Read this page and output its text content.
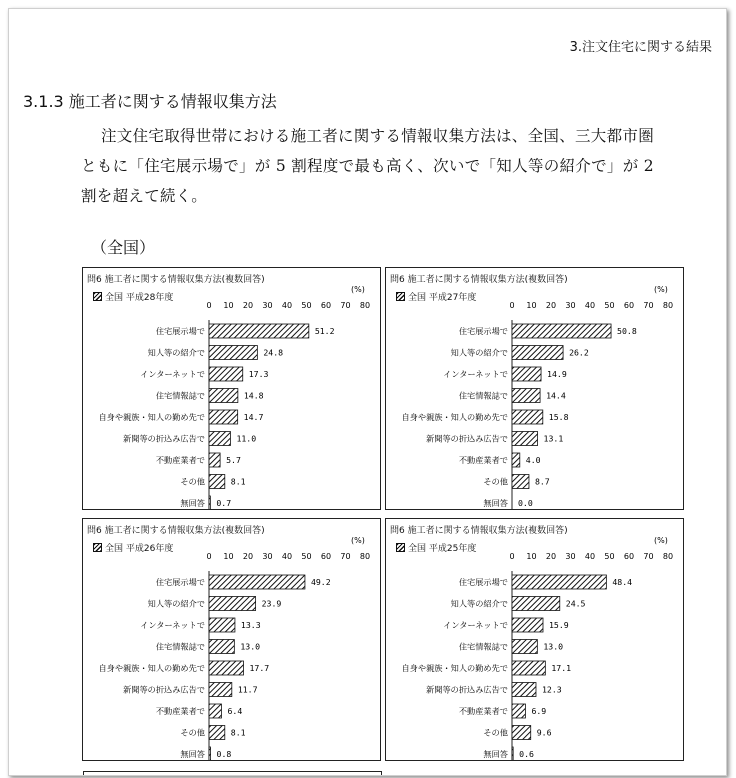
3.注文住宅に関する結果
3.1.3 施工者に関する情報収集方法
注文住宅取得世帯における施工者に関する情報収集方法は、全国、三大都市圏
ともに「住宅展示場で」が 5 割程度で最も高く、次いで「知人等の紹介で」が 2
割を超えて続く。
（全国）
問6 施工者に関する情報収集方法(複数回答)
全国 平成28年度
(%)
0 10 20 30 40 50 60 70 80
住宅展示場で	51.2
知人等の紹介で	24.8
インターネットで	17.3
住宅情報誌で	14.8
自身や親族・知人の勤め先で	14.7
新聞等の折込み広告で	11.0
不動産業者で	5.7
その他	8.1
無回答 0.7
問6 施工者に関する情報収集方法(複数回答)
全国 平成27年度
(%)
0 10 20 30 40 50 60 70 80
住宅展示場で	50.8
知人等の紹介で	26.2
インターネットで	14.9
住宅情報誌で	14.4
自身や親族・知人の勤め先で	15.8
新聞等の折込み広告で	13.1
不動産業者で 4.0
その他	8.7
無回答 0.0
問6 施工者に関する情報収集方法(複数回答)
全国 平成26年度
(%)
0 10 20 30 40 50 60 70 80
住宅展示場で	49.2
知人等の紹介で	23.9
インターネットで	13.3
住宅情報誌で	13.0
自身や親族・知人の勤め先で	17.7
新聞等の折込み広告で	11.7
不動産業者で	6.4
その他	8.1
無回答 0.8
問6 施工者に関する情報収集方法(複数回答)
全国 平成25年度
(%)
0 10 20 30 40 50 60 70 80
住宅展示場で	48.4
知人等の紹介で	24.5
インターネットで	15.9
住宅情報誌で	13.0
自身や親族・知人の勤め先で	17.1
新聞等の折込み広告で	12.3
不動産業者で	6.9
その他	9.6
無回答 0.6
